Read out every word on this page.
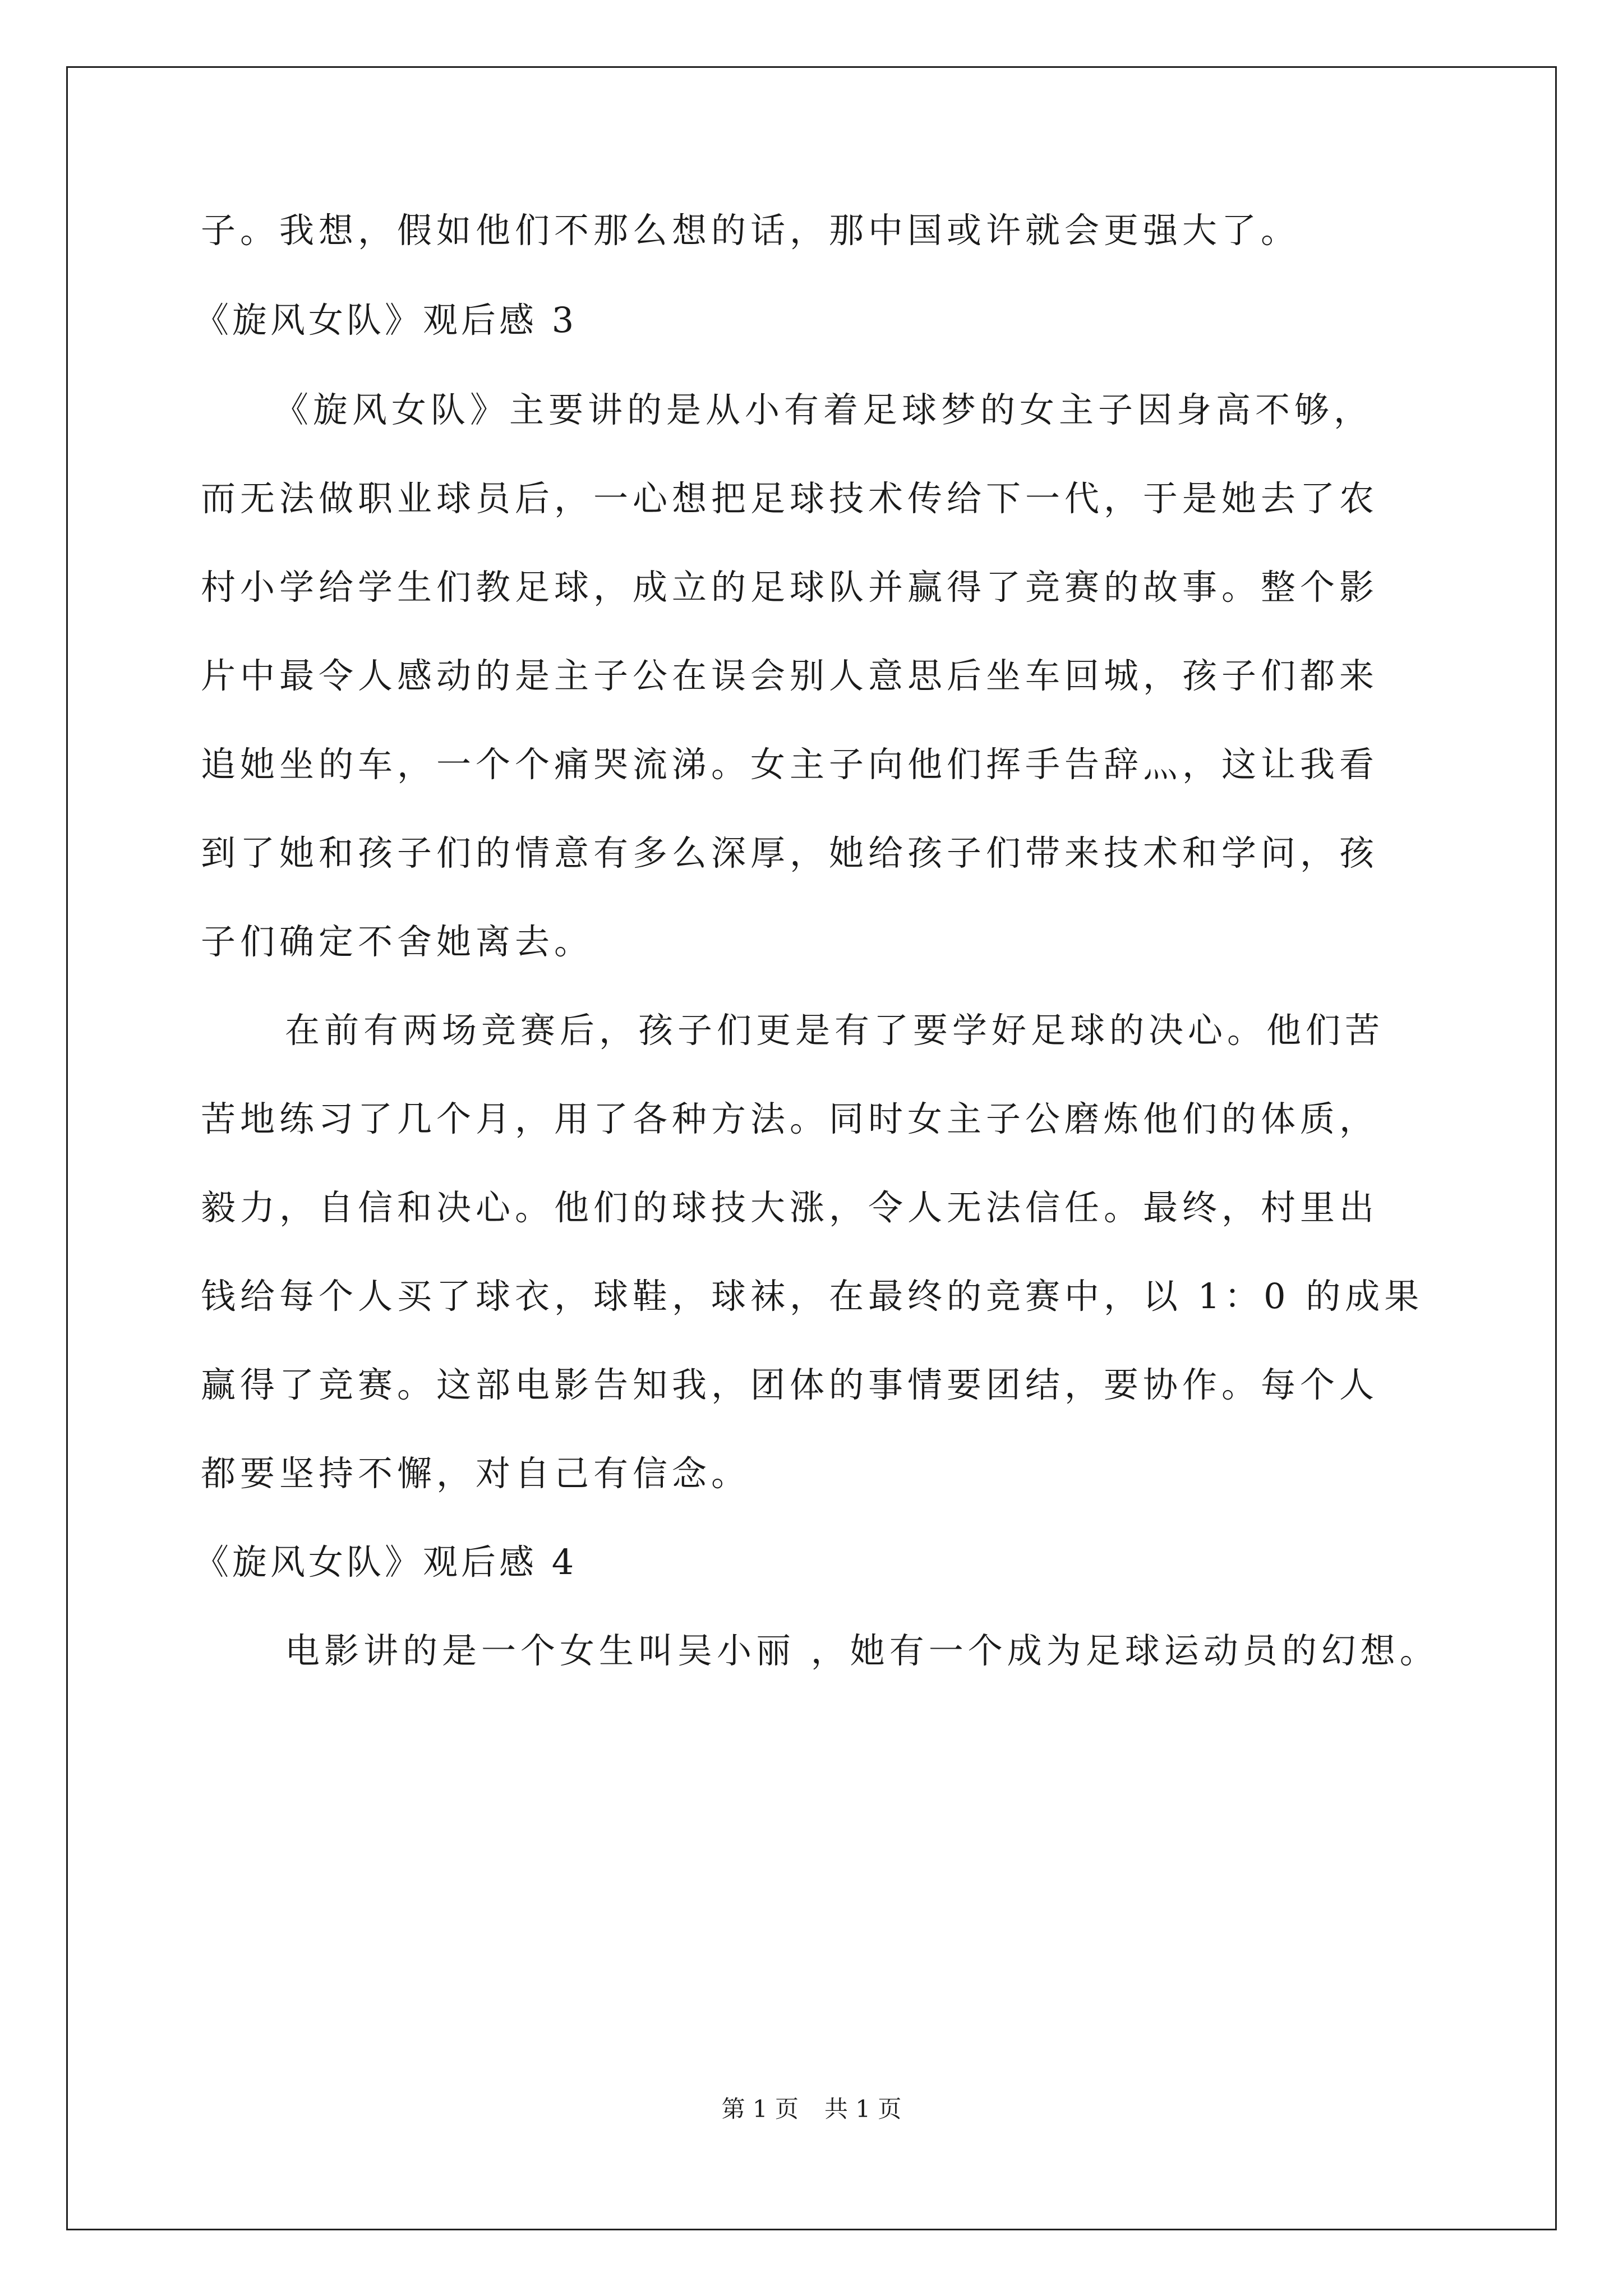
子。我想，假如他们不那么想的话，那中国或许就会更强大了。
《旋风女队》观后感 3
《旋风女队》主要讲的是从小有着足球梦的女主子因身高不够，
而无法做职业球员后，一心想把足球技术传给下一代，于是她去了农
村小学给学生们教足球，成立的足球队并赢得了竞赛的故事。整个影
片中最令人感动的是主子公在误会别人意思后坐车回城，孩子们都来
追她坐的车，一个个痛哭流涕。女主子向他们挥手告辞灬，这让我看
到了她和孩子们的情意有多么深厚，她给孩子们带来技术和学问，孩
子们确定不舍她离去。
在前有两场竞赛后，孩子们更是有了要学好足球的决心。他们苦
苦地练习了几个月，用了各种方法。同时女主子公磨炼他们的体质，
毅力，自信和决心。他们的球技大涨，令人无法信任。最终，村里出
钱给每个人买了球衣，球鞋，球袜，在最终的竞赛中，以 1：0 的成果
赢得了竞赛。这部电影告知我，团体的事情要团结，要协作。每个人
都要坚持不懈，对自己有信念。
《旋风女队》观后感 4
电影讲的是一个女生叫吴小丽 ，她有一个成为足球运动员的幻想。
第 1 页 共 1 页
